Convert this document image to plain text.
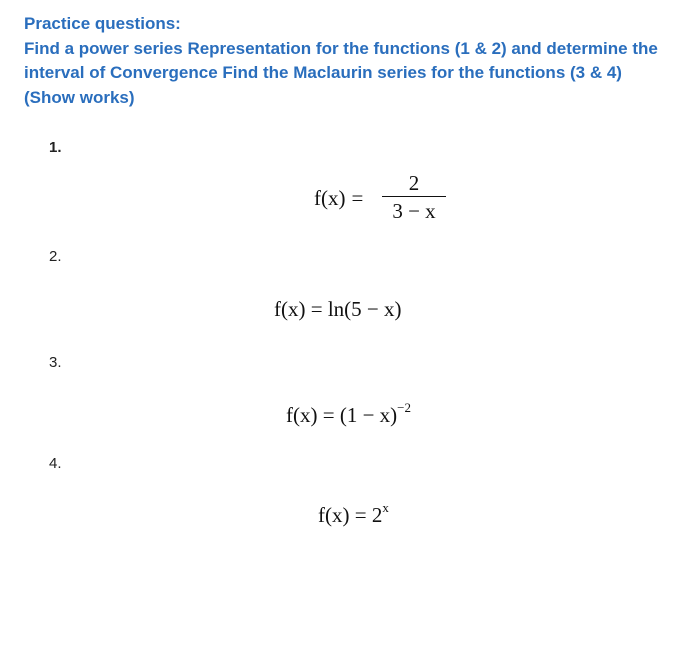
Practice questions:
Find a power series Representation for the functions (1 & 2) and determine the
interval of Convergence Find the Maclaurin series for the functions (3 & 4)
(Show works)
1.
f(x) =
2
3 − x
2.
f(x) = ln(5 − x)
3.
$f(x) = (1 - x)^{-2}$
4.
$f(x) = 2^x$
